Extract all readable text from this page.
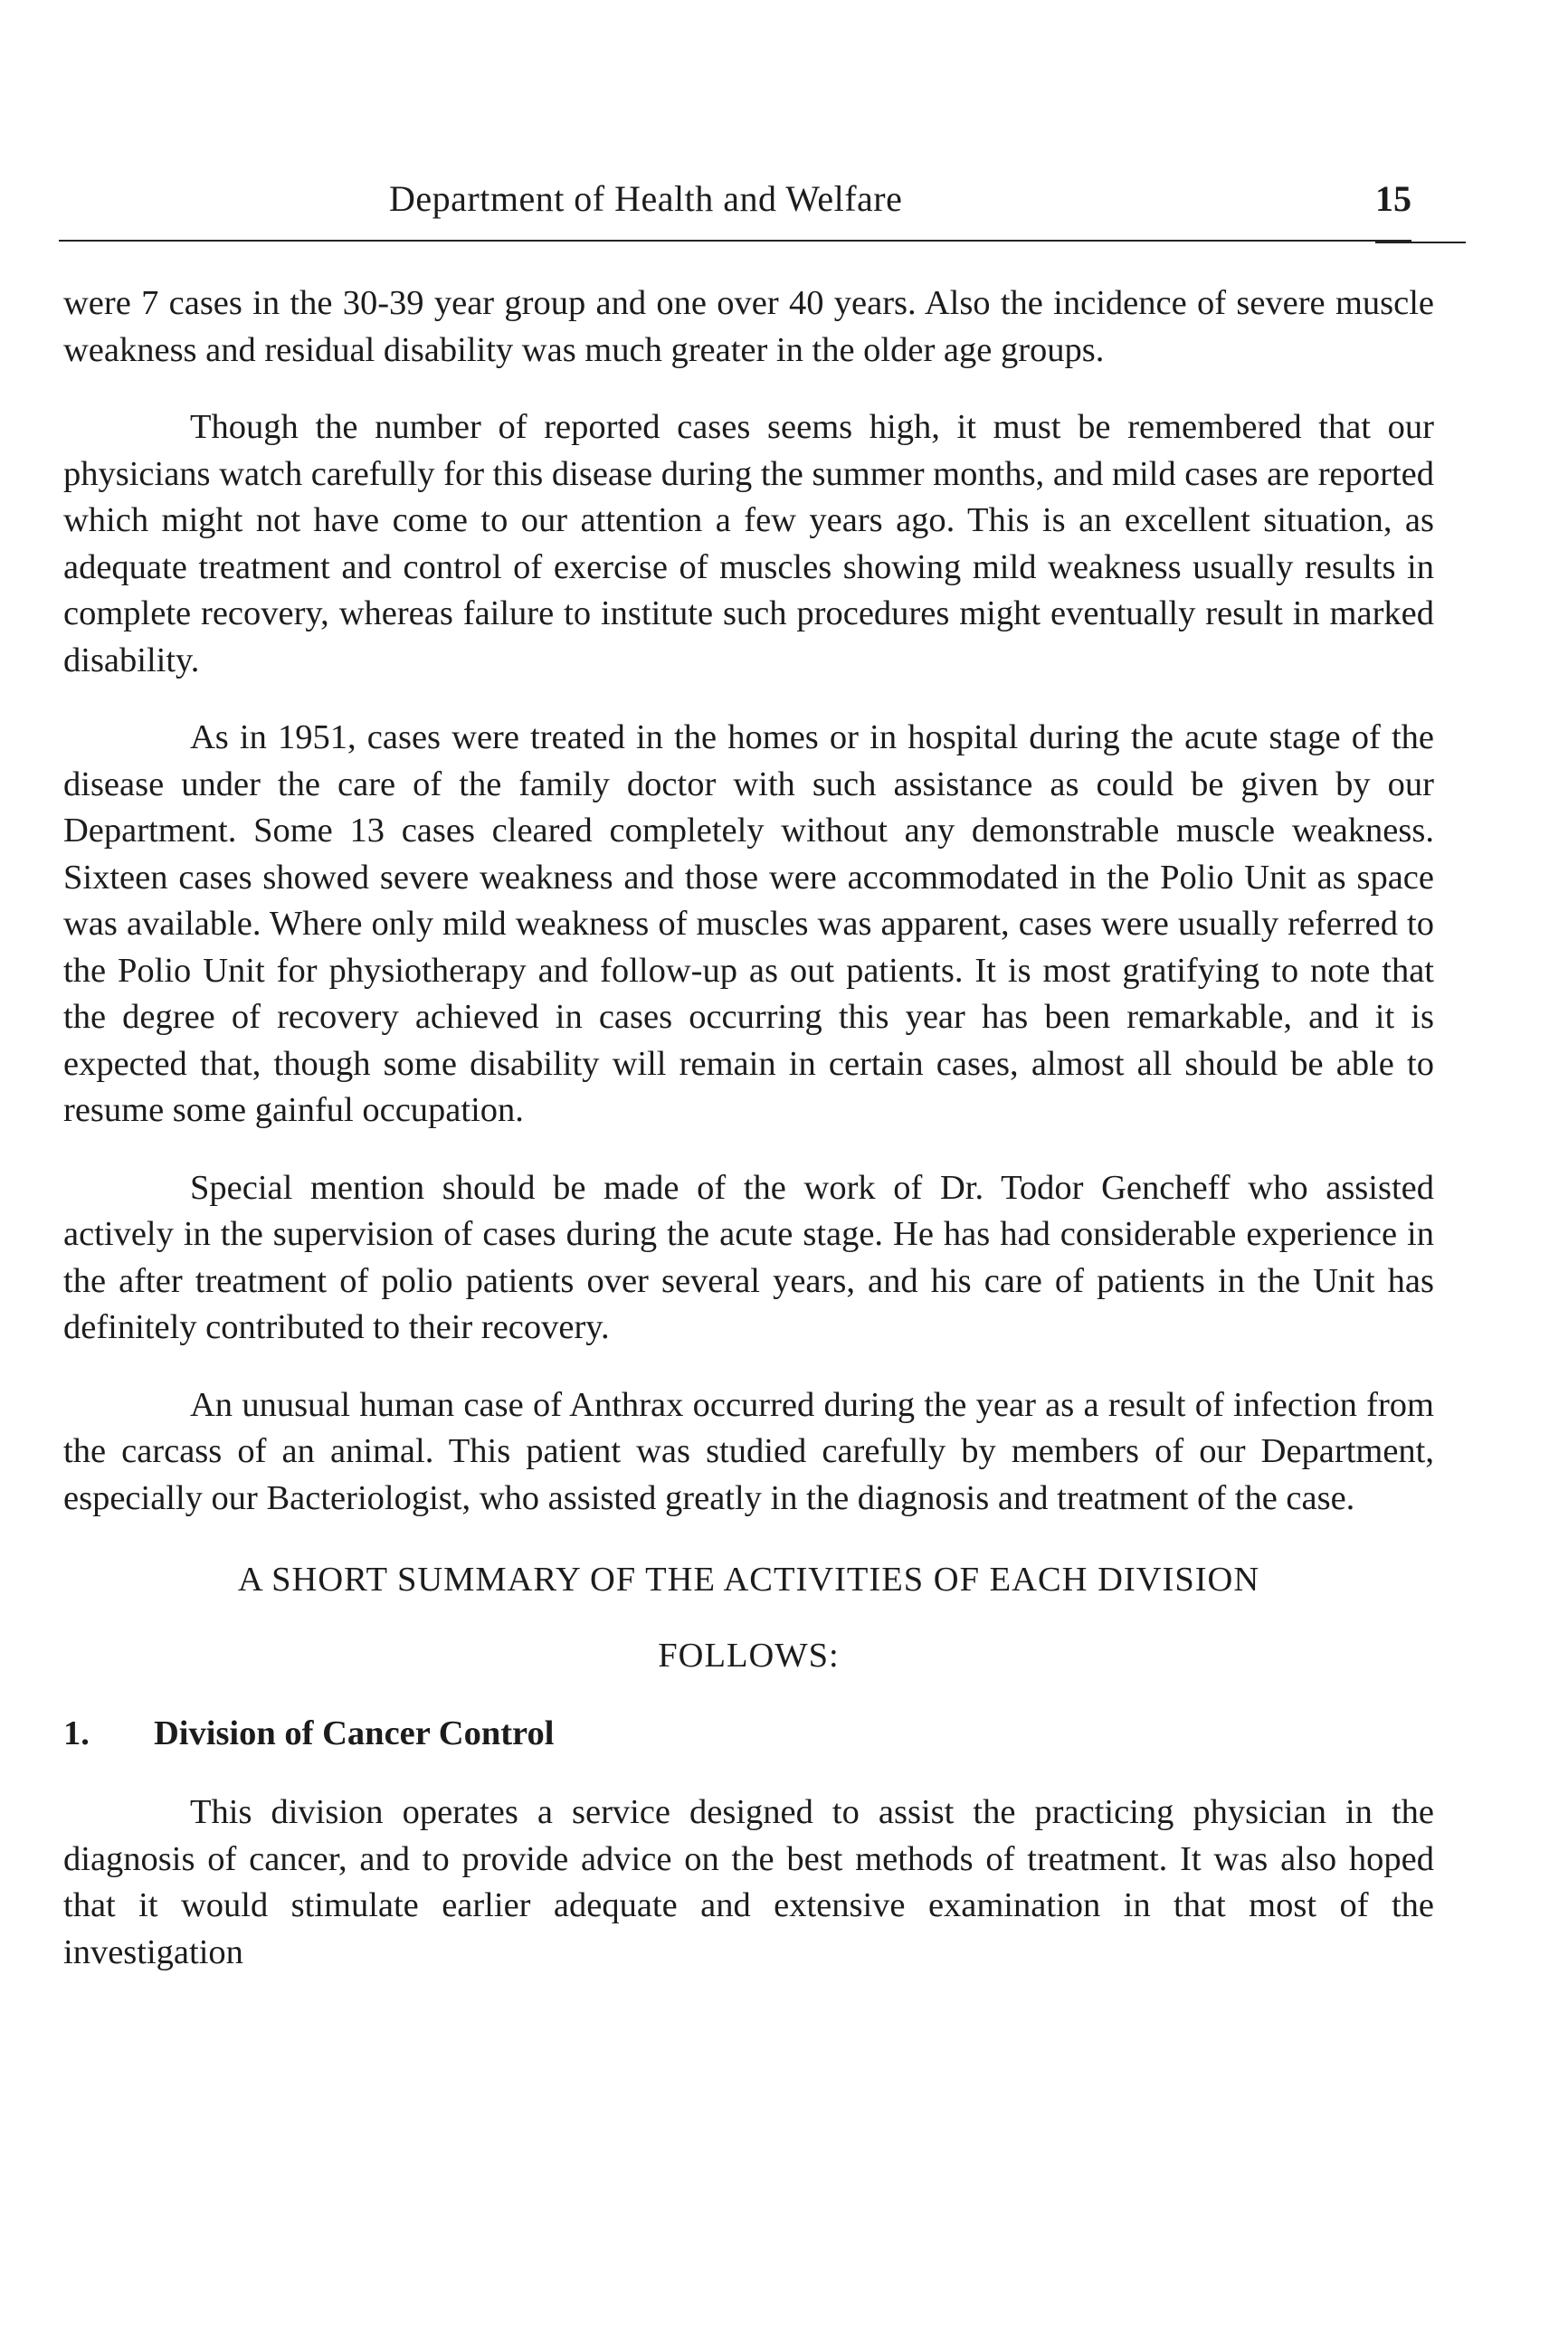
Department of Health and Welfare	15

were 7 cases in the 30-39 year group and one over 40 years. Also the incidence of severe muscle weakness and residual disability was much greater in the older age groups.

Though the number of reported cases seems high, it must be remembered that our physicians watch carefully for this disease during the summer months, and mild cases are reported which might not have come to our attention a few years ago. This is an excellent situation, as adequate treatment and control of exercise of muscles showing mild weakness usually results in complete recovery, whereas failure to institute such procedures might eventually result in marked disability.

As in 1951, cases were treated in the homes or in hospital during the acute stage of the disease under the care of the family doctor with such assistance as could be given by our Department. Some 13 cases cleared completely without any demonstrable muscle weakness. Sixteen cases showed severe weakness and those were accommodated in the Polio Unit as space was available. Where only mild weakness of muscles was apparent, cases were usually referred to the Polio Unit for physiotherapy and follow-up as out patients. It is most gratifying to note that the degree of recovery achieved in cases occurring this year has been remarkable, and it is expected that, though some disability will remain in certain cases, almost all should be able to resume some gainful occupation.

Special mention should be made of the work of Dr. Todor Gencheff who assisted actively in the supervision of cases during the acute stage. He has had considerable experience in the after treatment of polio patients over several years, and his care of patients in the Unit has definitely contributed to their recovery.

An unusual human case of Anthrax occurred during the year as a result of infection from the carcass of an animal. This patient was studied carefully by members of our Department, especially our Bacteriologist, who assisted greatly in the diagnosis and treatment of the case.

A SHORT SUMMARY OF THE ACTIVITIES OF EACH DIVISION
FOLLOWS:
1. Division of Cancer Control

This division operates a service designed to assist the practicing physician in the diagnosis of cancer, and to provide advice on the best methods of treatment. It was also hoped that it would stimulate earlier adequate and extensive examination in that most of the investigation
